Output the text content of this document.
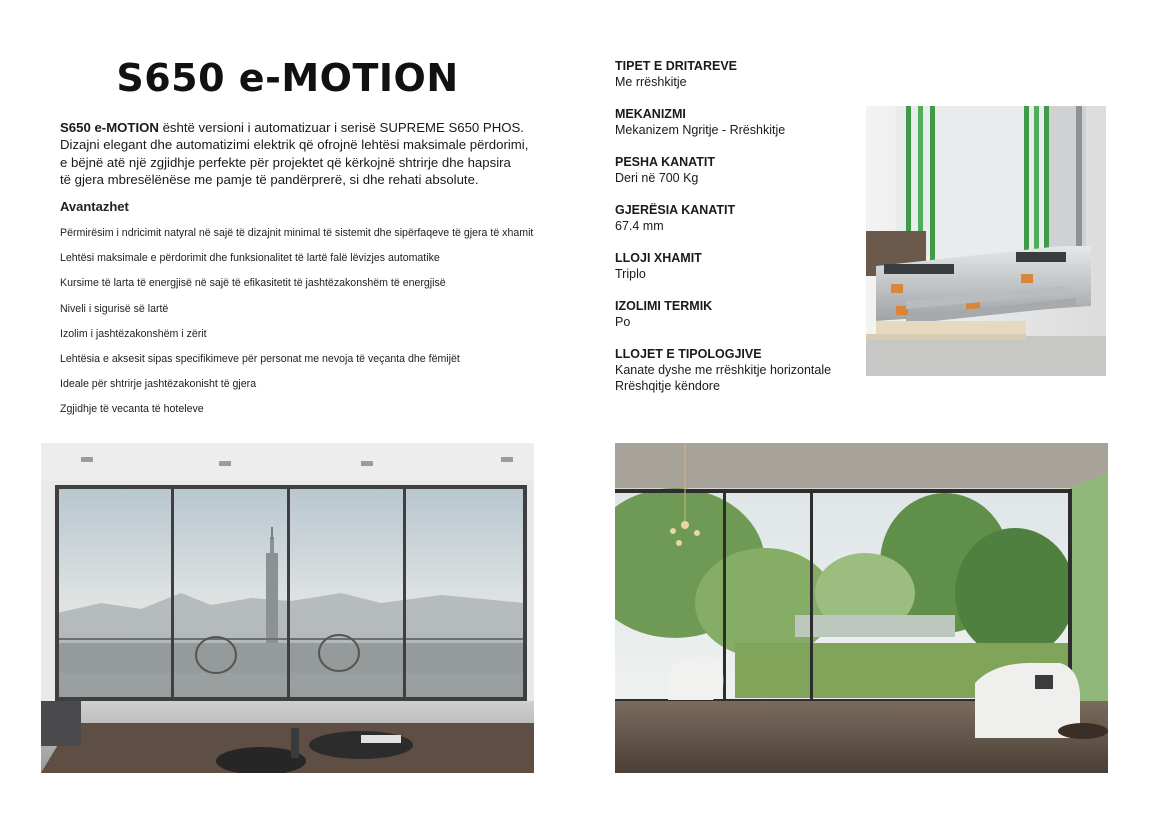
S650 e-MOTION
S650 e-MOTION është versioni i automatizuar i serisë SUPREME S650 PHOS.
Dizajni elegant dhe automatizimi elektrik që ofrojnë lehtësi maksimale përdorimi,
e bëjnë atë një zgjidhje perfekte për projektet që kërkojnë shtrirje dhe hapsira
të gjera mbresëlënëse me pamje të pandërprerë, si dhe rehati absolute.
Avantazhet
Përmirësim i ndricimit natyral në sajë të dizajnit minimal të sistemit dhe sipërfaqeve të gjera të xhamit
Lehtësi maksimale e përdorimit dhe funksionalitet të lartë falë lëvizjes automatike
Kursime të larta të energjisë në sajë të efikasitetit të jashtëzakonshëm të energjisë
Niveli i sigurisë së lartë
Izolim i jashtëzakonshëm i zërit
Lehtësia e aksesit sipas specifikimeve për personat me nevoja të veçanta dhe fëmijët
Ideale për shtrirje jashtëzakonisht të gjera
Zgjidhje të vecanta të hoteleve
TIPET E DRITAREVE
Me rrëshkitje
MEKANIZMI
Mekanizem Ngritje - Rrëshkitje
PESHA KANATIT
Deri në 700 Kg
GJERËSIA KANATIT
67.4 mm
LLOJI XHAMIT
Triplo
IZOLIMI TERMIK
Po
LLOJET E TIPOLOGJIVE
Kanate dyshe me rrëshkitje horizontale
Rrëshqitje këndore
